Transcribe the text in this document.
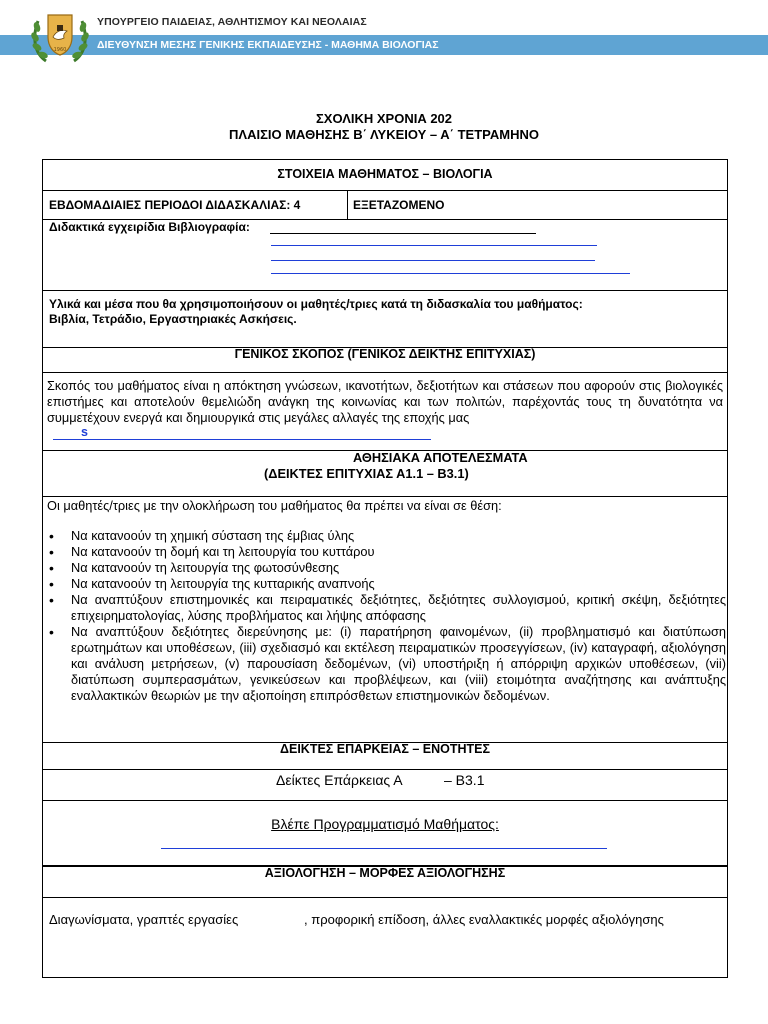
ΔΙΕΥΘΥΝΣΗ ΜΕΣΗΣ ΓΕΝΙΚΗΣ ΕΚΠΑΙΔΕΥΣΗΣ - ΜΑΘΗΜΑ ΒΙΟΛΟΓΙΑΣ
ΥΠΟΥΡΓΕΙΟ ΠΑΙΔΕΙΑΣ, ΑΘΛΗΤΙΣΜΟΥ ΚΑΙ ΝΕΟΛΑΙΑΣ
1960
ΣΧΟΛΙΚΗ ΧΡΟΝΙΑ 202
ΠΛΑΙΣΙΟ ΜΑΘΗΣΗΣ Β΄ ΛΥΚΕΙΟΥ – Α΄ ΤΕΤΡΑΜΗΝΟ
ΣΤΟΙΧΕΙΑ ΜΑΘΗΜΑΤΟΣ – ΒΙΟΛΟΓΙΑ
ΕΒΔΟΜΑΔΙΑΙΕΣ ΠΕΡΙΟΔΟΙ ΔΙΔΑΣΚΑΛΙΑΣ: 4	ΕΞΕΤΑΖΟΜΕΝΟ
Διδακτικά εγχειρίδια Βιβλιογραφία:
Υλικά και μέσα που θα χρησιμοποιήσουν οι μαθητές/τριες κατά τη διδασκαλία του μαθήματος:
Βιβλία, Τετράδιο, Εργαστηριακές Ασκήσεις.
ΓΕΝΙΚΟΣ ΣΚΟΠΟΣ (ΓΕΝΙΚΟΣ ΔΕΙΚΤΗΣ ΕΠΙΤΥΧΙΑΣ)
Σκοπός του μαθήματος είναι η απόκτηση γνώσεων, ικανοτήτων, δεξιοτήτων και στάσεων που αφορούν στις βιολογικές επιστήμες και αποτελούν θεμελιώδη ανάγκη της κοινωνίας και των πολιτών, παρέχοντάς τους τη δυνατότητα να συμμετέχουν ενεργά και δημιουργικά στις μεγάλες αλλαγές της εποχής μας
s
ΑΘΗΣΙΑΚΑ ΑΠΟΤΕΛΕΣΜΑΤΑ
(ΔΕΙΚΤΕΣ ΕΠΙΤΥΧΙΑΣ Α1.1 – Β3.1)
Οι μαθητές/τριες με την ολοκλήρωση του μαθήματος θα πρέπει να είναι σε θέση:
• Να κατανοούν τη χημική σύσταση της έμβιας ύλης
• Να κατανοούν τη δομή και τη λειτουργία του κυττάρου
• Να κατανοούν τη λειτουργία της φωτοσύνθεσης
• Να κατανοούν τη λειτουργία της κυτταρικής αναπνοής
• Να αναπτύξουν επιστημονικές και πειραματικές δεξιότητες, δεξιότητες συλλογισμού, κριτική σκέψη, δεξιότητες επιχειρηματολογίας, λύσης προβλήματος και λήψης απόφασης
• Να αναπτύξουν δεξιότητες διερεύνησης με: (i) παρατήρηση φαινομένων, (ii) προβληματισμό και διατύπωση ερωτημάτων και υποθέσεων, (iii) σχεδιασμό και εκτέλεση πειραματικών προσεγγίσεων, (iv) καταγραφή, αξιολόγηση και ανάλυση μετρήσεων, (v) παρουσίαση δεδομένων, (vi) υποστήριξη ή απόρριψη αρχικών υποθέσεων, (vii) διατύπωση συμπερασμάτων, γενικεύσεων και προβλέψεων, και (viii) ετοιμότητα αναζήτησης και ανάπτυξης εναλλακτικών θεωριών με την αξιοποίηση επιπρόσθετων επιστημονικών δεδομένων.
ΔΕΙΚΤΕΣ ΕΠΑΡΚΕΙΑΣ – ΕΝΟΤΗΤΕΣ
Δείκτες Επάρκειας Α	– Β3.1
Βλέπε Προγραμματισμό Μαθήματος:
ΑΞΙΟΛΟΓΗΣΗ – ΜΟΡΦΕΣ ΑΞΙΟΛΟΓΗΣΗΣ
Διαγωνίσματα, γραπτές εργασίες	, προφορική επίδοση, άλλες εναλλακτικές μορφές αξιολόγησης
